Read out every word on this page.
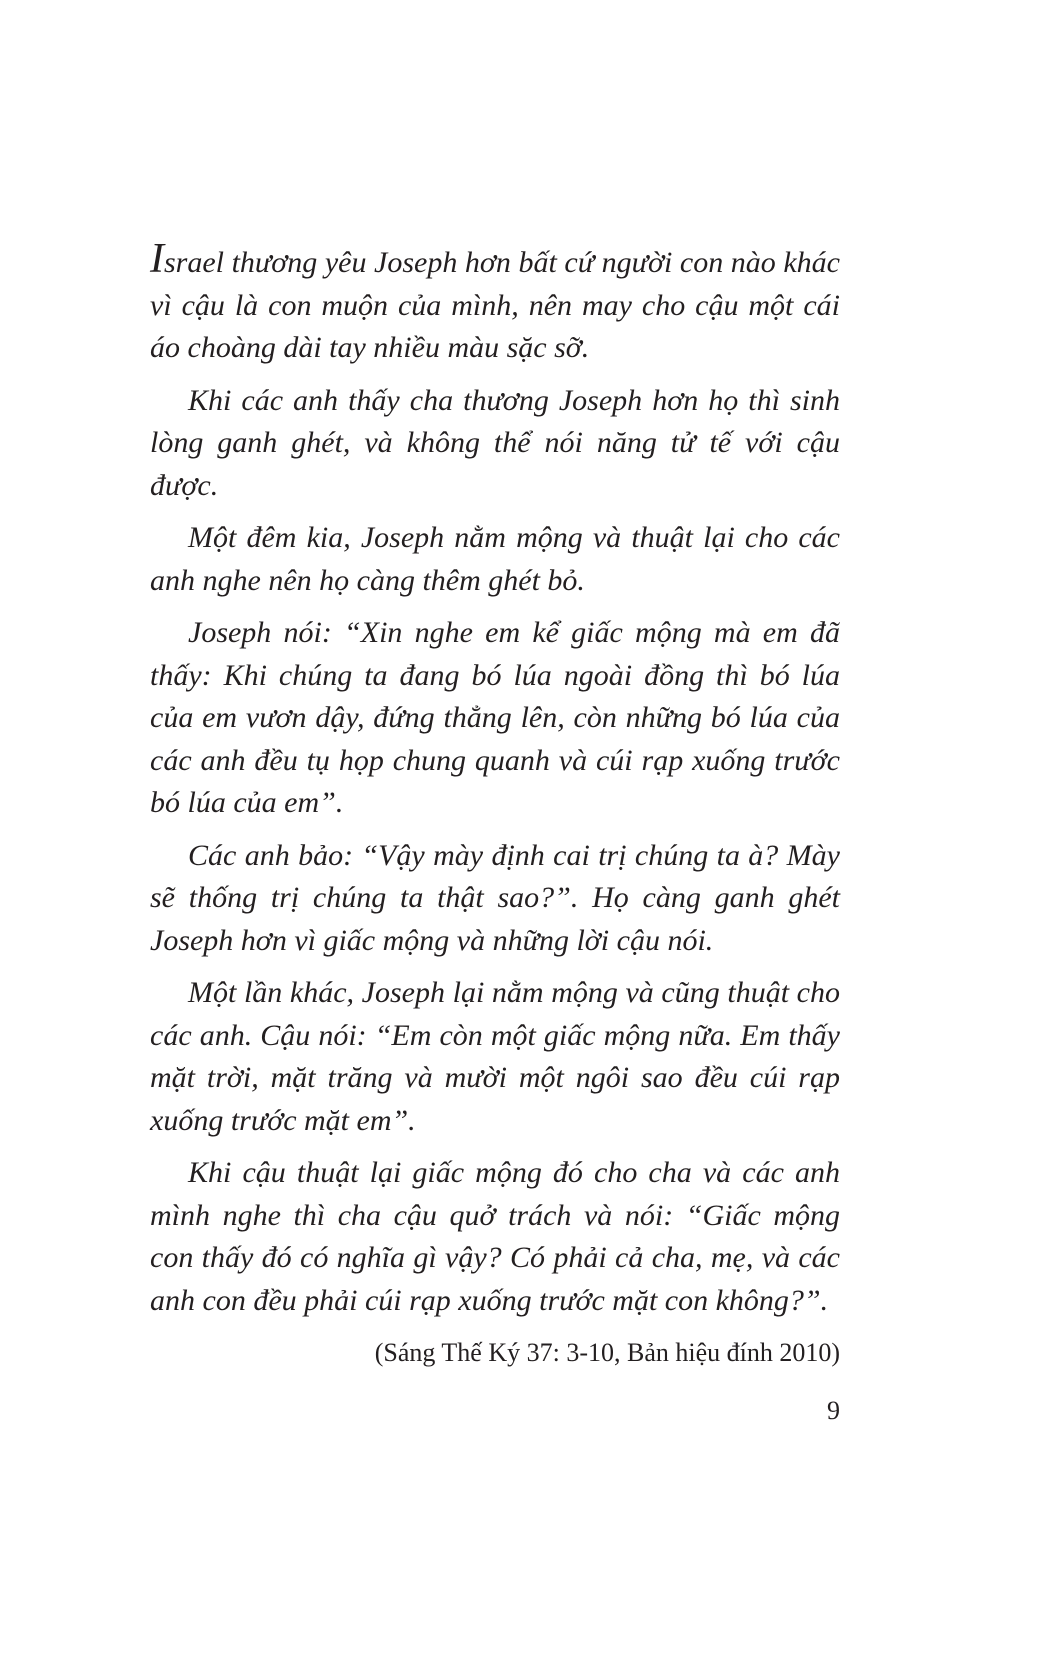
Israel thương yêu Joseph hơn bất cứ người con nào khác vì cậu là con muộn của mình, nên may cho cậu một cái áo choàng dài tay nhiều màu sặc sỡ.

Khi các anh thấy cha thương Joseph hơn họ thì sinh lòng ganh ghét, và không thể nói năng tử tế với cậu được.

Một đêm kia, Joseph nằm mộng và thuật lại cho các anh nghe nên họ càng thêm ghét bỏ.

Joseph nói: “Xin nghe em kể giấc mộng mà em đã thấy: Khi chúng ta đang bó lúa ngoài đồng thì bó lúa của em vươn dậy, đứng thẳng lên, còn những bó lúa của các anh đều tụ họp chung quanh và cúi rạp xuống trước bó lúa của em”.

Các anh bảo: “Vậy mày định cai trị chúng ta à? Mày sẽ thống trị chúng ta thật sao?”. Họ càng ganh ghét Joseph hơn vì giấc mộng và những lời cậu nói.

Một lần khác, Joseph lại nằm mộng và cũng thuật cho các anh. Cậu nói: “Em còn một giấc mộng nữa. Em thấy mặt trời, mặt trăng và mười một ngôi sao đều cúi rạp xuống trước mặt em”.

Khi cậu thuật lại giấc mộng đó cho cha và các anh mình nghe thì cha cậu quở trách và nói: “Giấc mộng con thấy đó có nghĩa gì vậy? Có phải cả cha, mẹ, và các anh con đều phải cúi rạp xuống trước mặt con không?”.

(Sáng Thế Ký 37: 3-10, Bản hiệu đính 2010)

9
